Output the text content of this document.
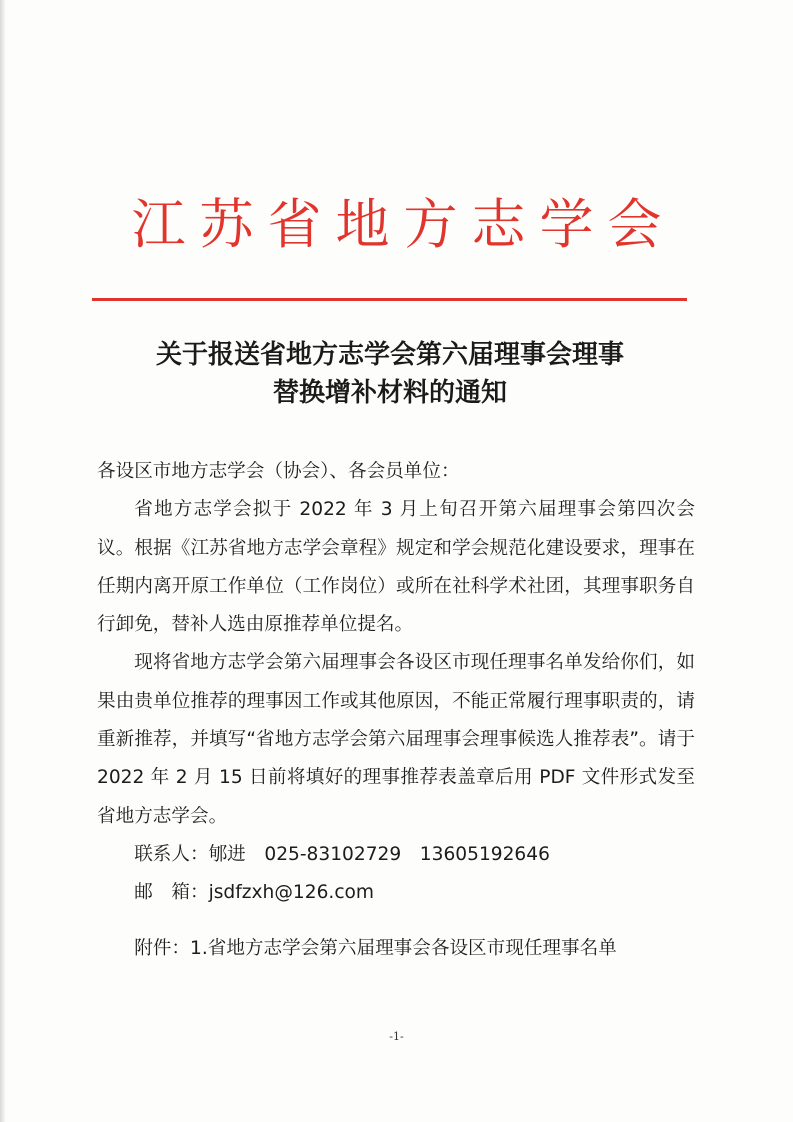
江苏省地方志学会
关于报送省地方志学会第六届理事会理事
替换增补材料的通知

各设区市地方志学会（协会）、各会员单位：

省地方志学会拟于 2022 年 3 月上旬召开第六届理事会第四次会议。根据《江苏省地方志学会章程》规定和学会规范化建设要求，理事在任期内离开原工作单位（工作岗位）或所在社科学术社团，其理事职务自行卸免，替补人选由原推荐单位提名。

现将省地方志学会第六届理事会各设区市现任理事名单发给你们，如果由贵单位推荐的理事因工作或其他原因，不能正常履行理事职责的，请重新推荐，并填写“省地方志学会第六届理事会理事候选人推荐表”。请于 2022 年 2 月 15 日前将填好的理事推荐表盖章后用 PDF 文件形式发至省地方志学会。

联系人：郇进　025-83102729　13605192646

邮　箱：jsdfzxh@126.com

附件：1.省地方志学会第六届理事会各设区市现任理事名单

-1-
